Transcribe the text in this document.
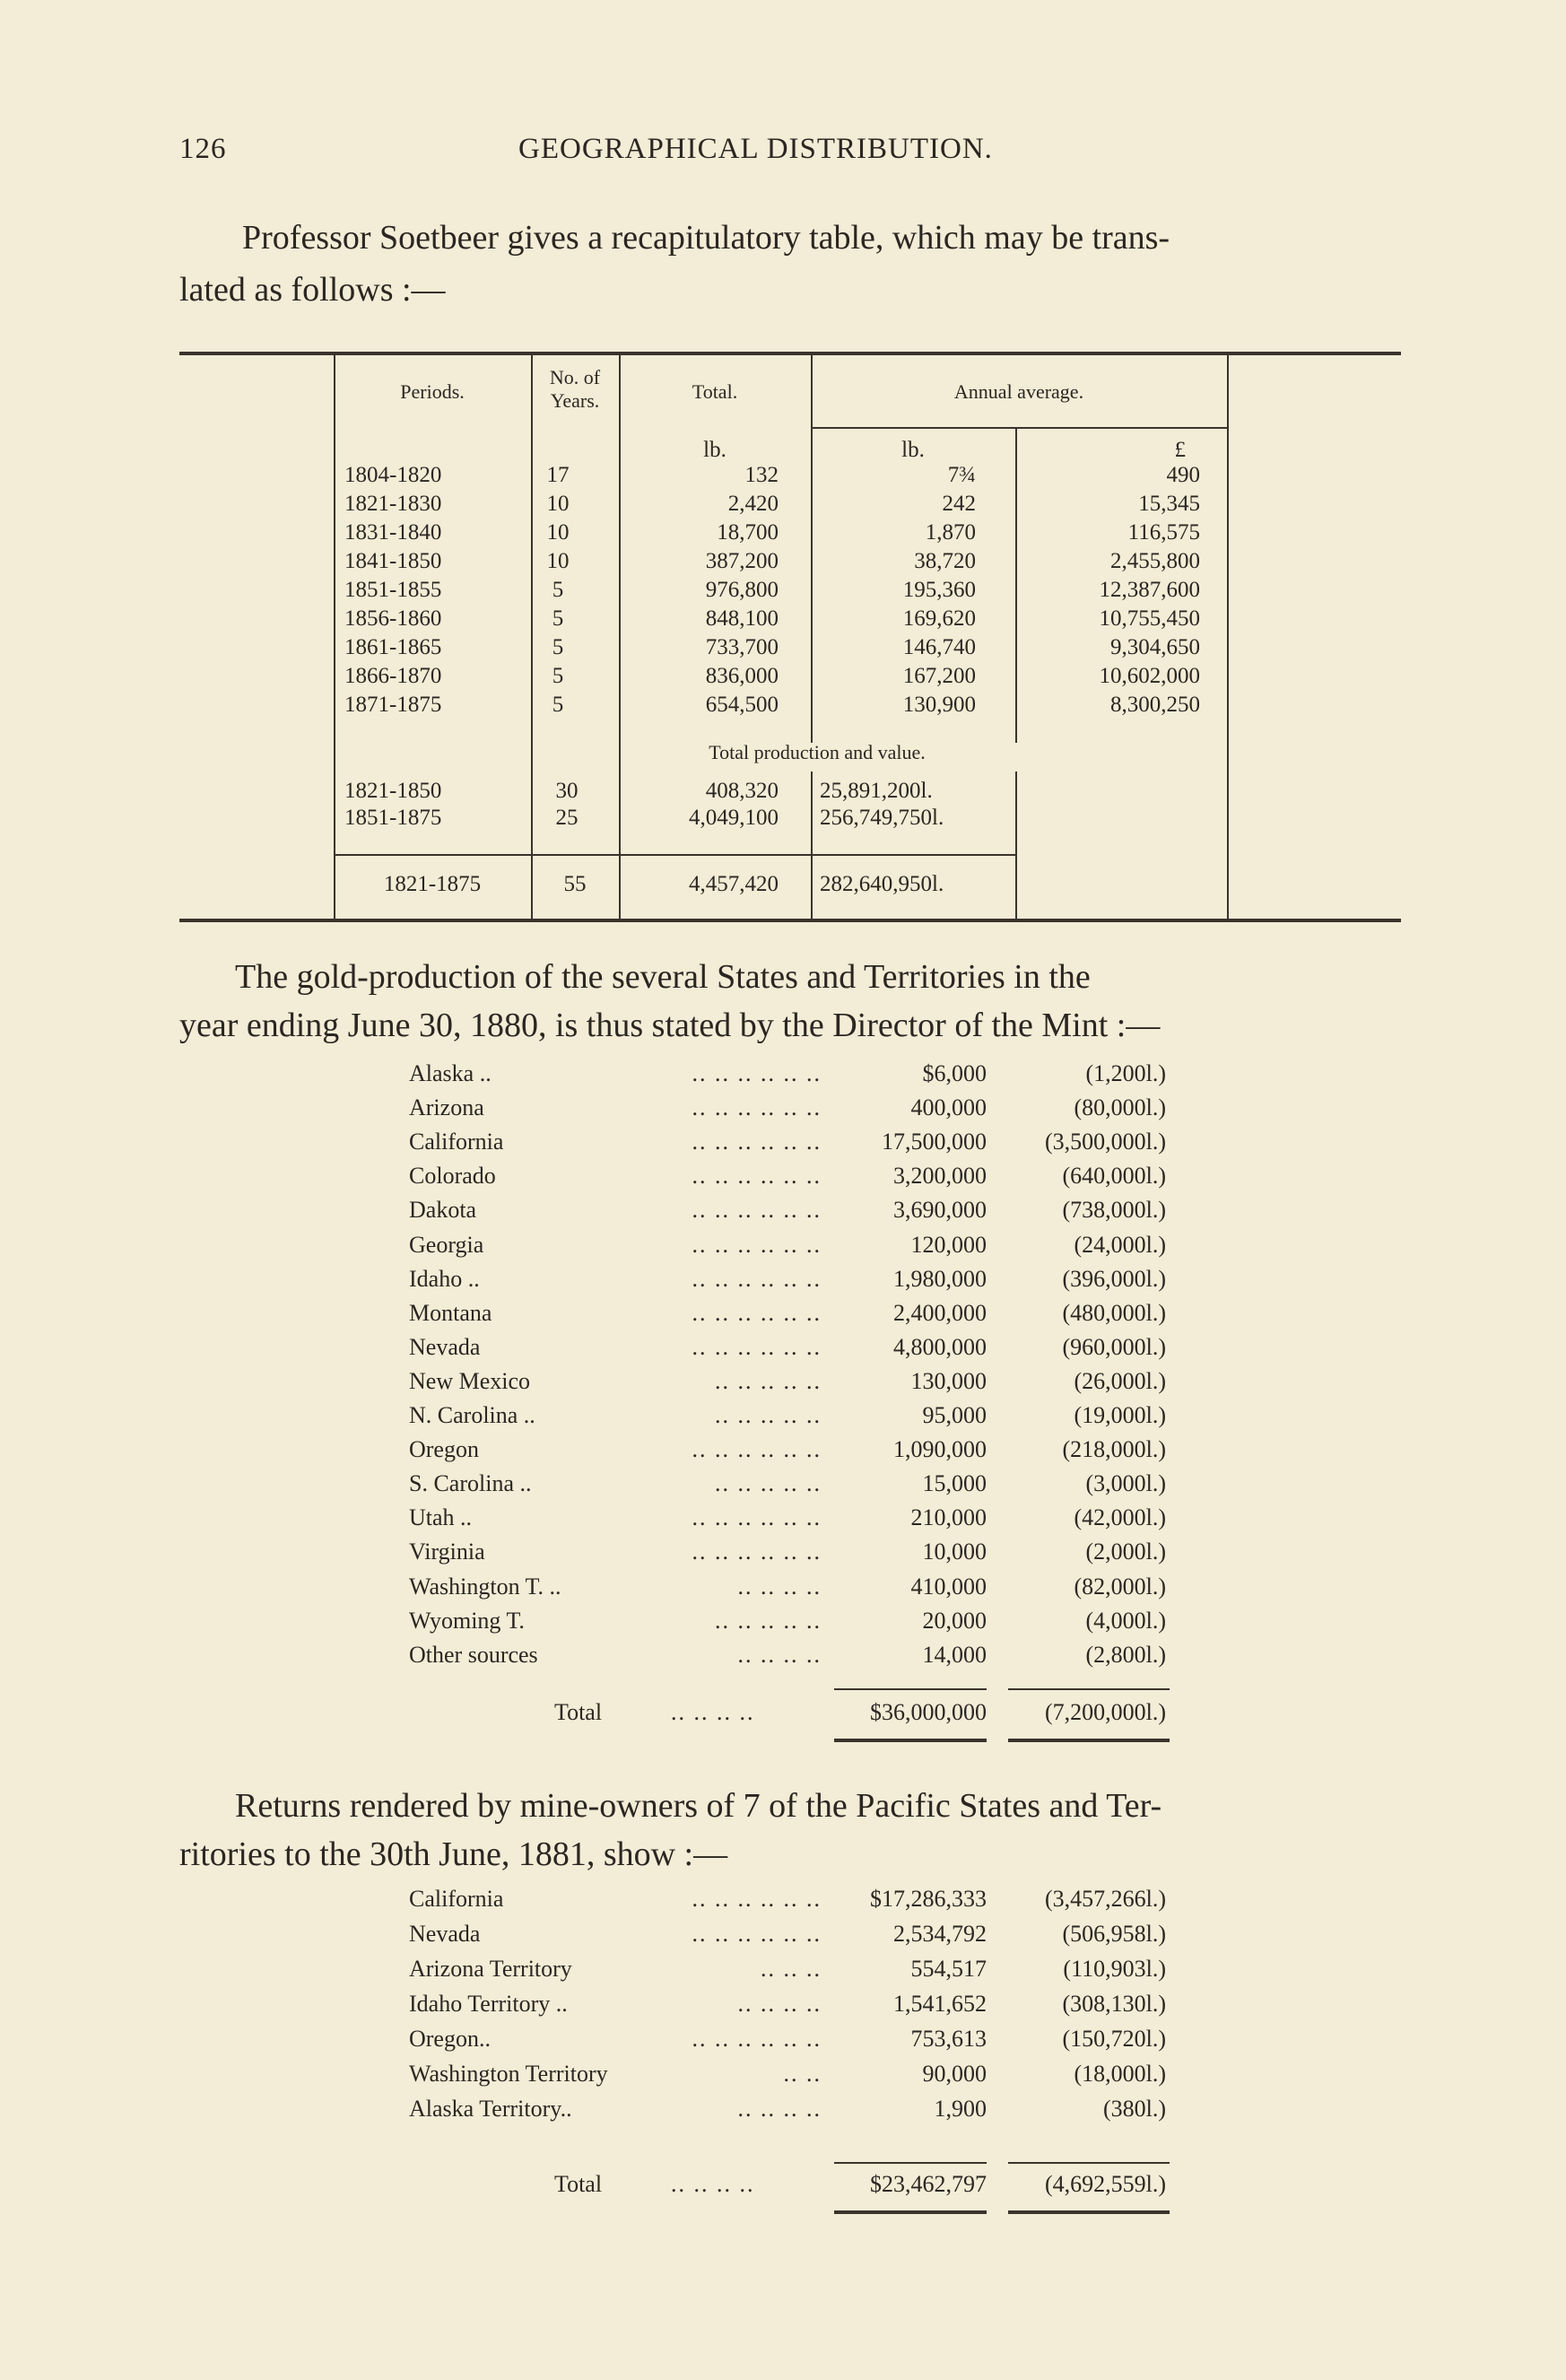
126	GEOGRAPHICAL DISTRIBUTION.
Professor Soetbeer gives a recapitulatory table, which may be trans-
lated as follows :—
Periods.
No. of
Years.	Total.	Annual average.
lb.	lb.	£
1804-1820	17	132	7¾	490
1821-1830	10	2,420	242	15,345
1831-1840	10	18,700	1,870	116,575
1841-1850	10	387,200	38,720	2,455,800
1851-1855	5	976,800	195,360	12,387,600
1856-1860	5	848,100	169,620	10,755,450
1861-1865	5	733,700	146,740	9,304,650
1866-1870	5	836,000	167,200	10,602,000
1871-1875	5	654,500	130,900	8,300,250
Total production and value.
1821-1850	30	408,320 25,891,200l.
1851-1875	25	4,049,100 256,749,750l.
1821-1875	55	4,457,420 282,640,950l.
The gold-production of the several States and Territories in the
year ending June 30, 1880, is thus stated by the Director of the Mint :—
Alaska ..	.. .. .. .. .. ..	$6,000	(1,200l.)
Arizona	.. .. .. .. .. ..	400,000	(80,000l.)
California	.. .. .. .. .. ..	17,500,000	(3,500,000l.)
Colorado	.. .. .. .. .. ..	3,200,000	(640,000l.)
Dakota	.. .. .. .. .. ..	3,690,000	(738,000l.)
Georgia	.. .. .. .. .. ..	120,000	(24,000l.)
Idaho ..	.. .. .. .. .. ..	1,980,000	(396,000l.)
Montana	.. .. .. .. .. ..	2,400,000	(480,000l.)
Nevada	.. .. .. .. .. ..	4,800,000	(960,000l.)
New Mexico	.. .. .. .. ..	130,000	(26,000l.)
N. Carolina ..	.. .. .. .. ..	95,000	(19,000l.)
Oregon	.. .. .. .. .. ..	1,090,000	(218,000l.)
S. Carolina ..	.. .. .. .. ..	15,000	(3,000l.)
Utah ..	.. .. .. .. .. ..	210,000	(42,000l.)
Virginia	.. .. .. .. .. ..	10,000	(2,000l.)
Washington T. ..	.. .. .. ..	410,000	(82,000l.)
Wyoming T.	.. .. .. .. ..	20,000	(4,000l.)
Other sources	.. .. .. ..	14,000	(2,800l.)
Total	.. .. .. ..	$36,000,000	(7,200,000l.)
Returns rendered by mine-owners of 7 of the Pacific States and Ter-
ritories to the 30th June, 1881, show :—
California	.. .. .. .. .. ..	$17,286,333	(3,457,266l.)
Nevada	.. .. .. .. .. ..	2,534,792	(506,958l.)
Arizona Territory	.. .. ..	554,517	(110,903l.)
Idaho Territory ..	.. .. .. ..	1,541,652	(308,130l.)
Oregon..	.. .. .. .. .. ..	753,613	(150,720l.)
Washington Territory	.. ..	90,000	(18,000l.)
Alaska Territory..	.. .. .. ..	1,900	(380l.)
Total	.. .. .. ..	$23,462,797	(4,692,559l.)
